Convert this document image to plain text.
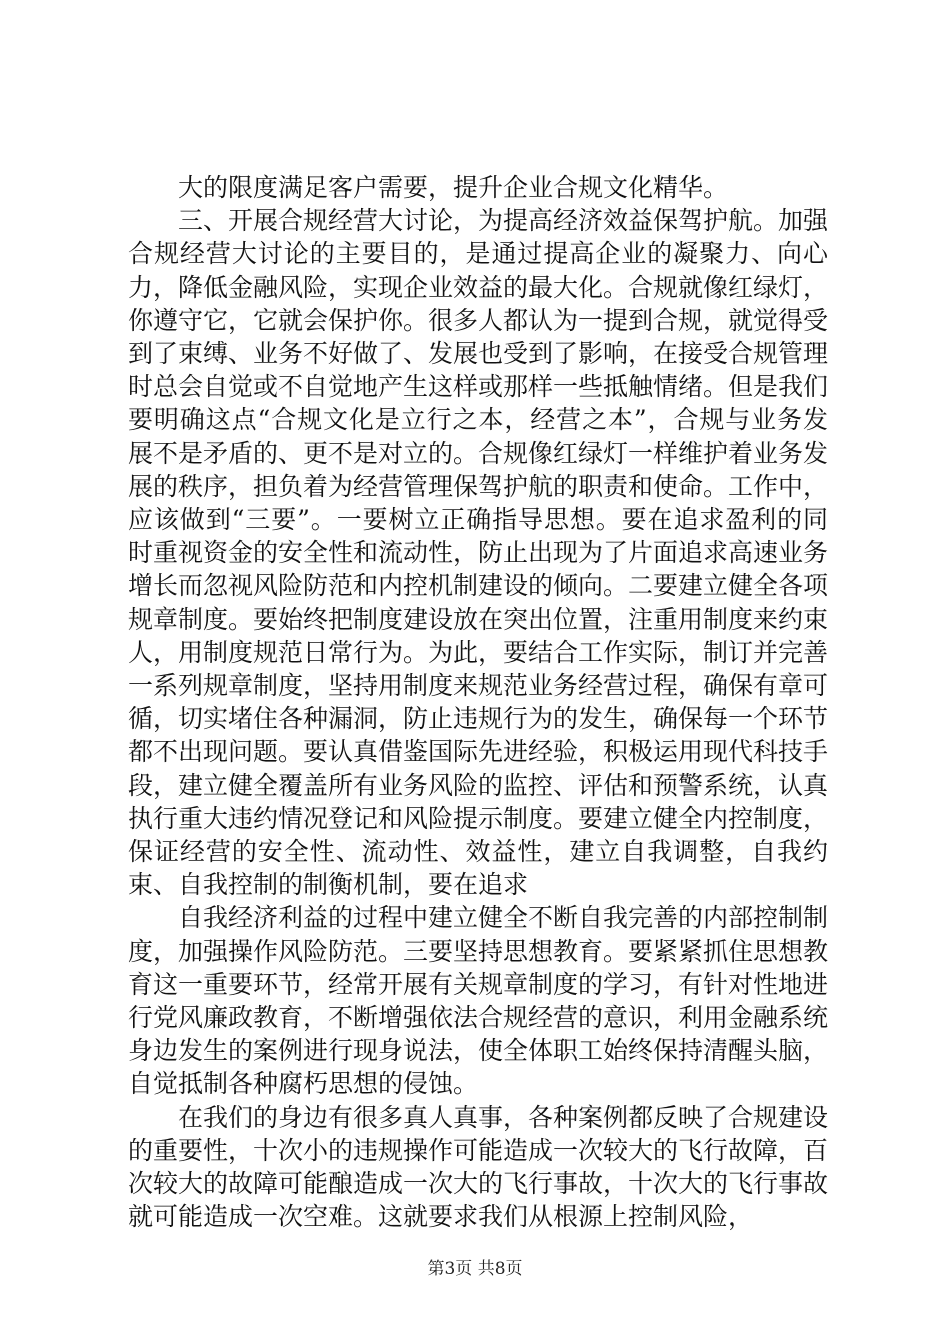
大的限度满足客户需要，提升企业合规文化精华。

三、开展合规经营大讨论，为提高经济效益保驾护航。加强合规经营大讨论的主要目的，是通过提高企业的凝聚力、向心力，降低金融风险，实现企业效益的最大化。合规就像红绿灯，你遵守它，它就会保护你。很多人都认为一提到合规，就觉得受到了束缚、业务不好做了、发展也受到了影响，在接受合规管理时总会自觉或不自觉地产生这样或那样一些抵触情绪。但是我们要明确这点“合规文化是立行之本，经营之本”，合规与业务发展不是矛盾的、更不是对立的。合规像红绿灯一样维护着业务发展的秩序，担负着为经营管理保驾护航的职责和使命。工作中，应该做到“三要”。一要树立正确指导思想。要在追求盈利的同时重视资金的安全性和流动性，防止出现为了片面追求高速业务增长而忽视风险防范和内控机制建设的倾向。二要建立健全各项规章制度。要始终把制度建设放在突出位置，注重用制度来约束人，用制度规范日常行为。为此，要结合工作实际，制订并完善一系列规章制度，坚持用制度来规范业务经营过程，确保有章可循，切实堵住各种漏洞，防止违规行为的发生，确保每一个环节都不出现问题。要认真借鉴国际先进经验，积极运用现代科技手段，建立健全覆盖所有业务风险的监控、评估和预警系统，认真执行重大违约情况登记和风险提示制度。要建立健全内控制度，保证经营的安全性、流动性、效益性，建立自我调整，自我约束、自我控制的制衡机制，要在追求

自我经济利益的过程中建立健全不断自我完善的内部控制制度，加强操作风险防范。三要坚持思想教育。要紧紧抓住思想教育这一重要环节，经常开展有关规章制度的学习，有针对性地进行党风廉政教育，不断增强依法合规经营的意识，利用金融系统身边发生的案例进行现身说法，使全体职工始终保持清醒头脑，自觉抵制各种腐朽思想的侵蚀。

在我们的身边有很多真人真事，各种案例都反映了合规建设的重要性，十次小的违规操作可能造成一次较大的飞行故障，百次较大的故障可能酿造成一次大的飞行事故，十次大的飞行事故就可能造成一次空难。这就要求我们从根源上控制风险，

第3页 共8页
